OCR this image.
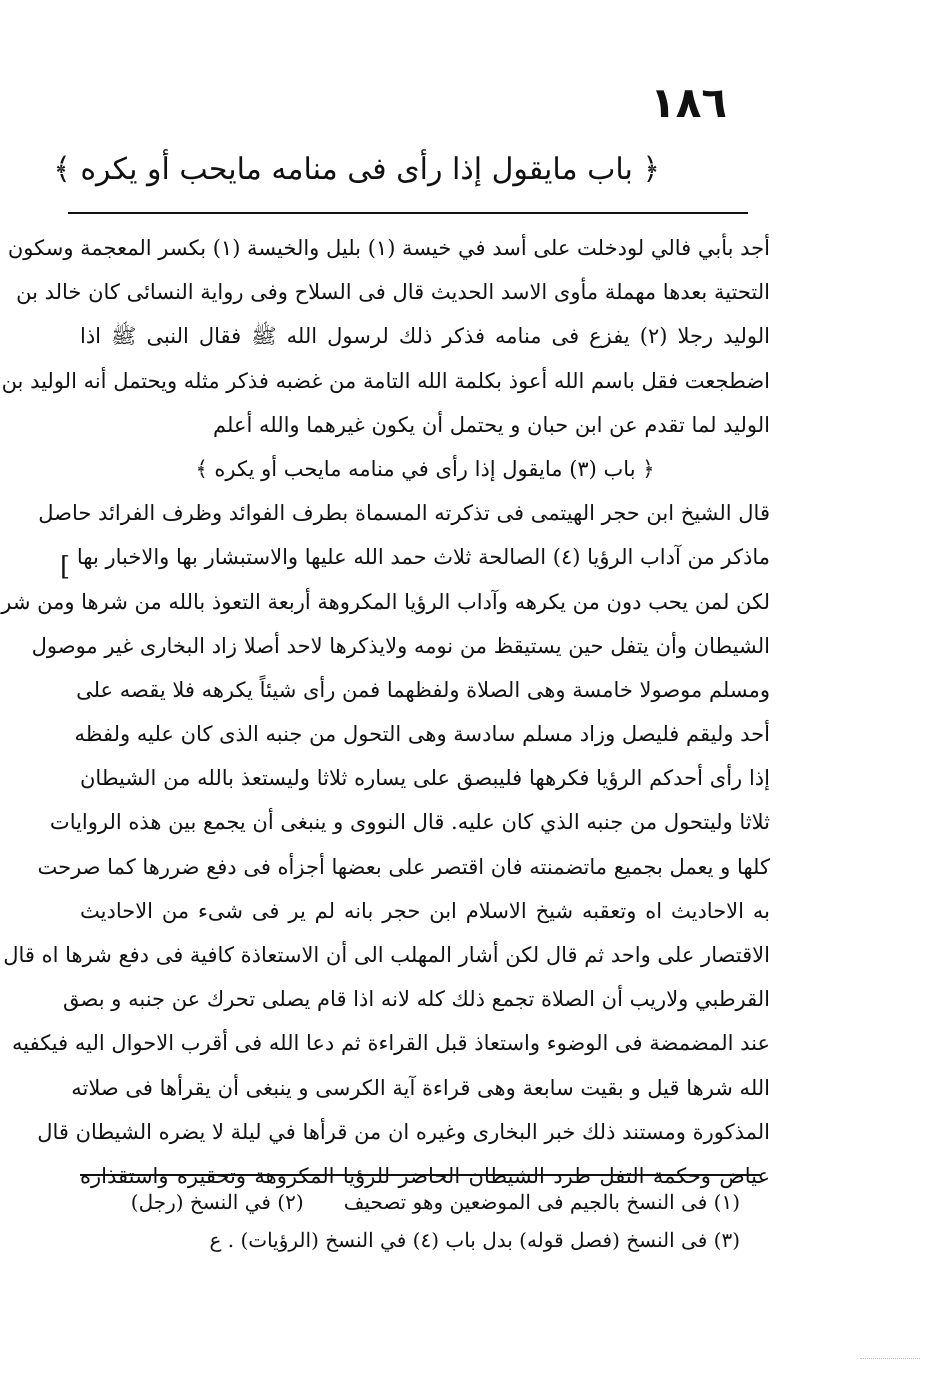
١٨٦
﴿ باب مايقول إذا رأى فى منامه مايحب أو يكره ﴾
[
أجد بأبي فالي لودخلت على أسد في خيسة (١) بليل والخيسة (١) بكسر المعجمة وسكون
التحتية بعدها مهملة مأوى الاسد الحديث قال فى السلاح وفى رواية النسائى كان خالد بن
الوليد رجلا (٢) يفزع فى منامه فذكر ذلك لرسول الله ﷺ فقال النبى ﷺ اذا
اضطجعت فقل باسم الله أعوذ بكلمة الله التامة من غضبه فذكر مثله ويحتمل أنه الوليد بن
الوليد لما تقدم عن ابن حبان و يحتمل أن يكون غيرهما والله أعلم
﴿ باب (٣) مايقول إذا رأى في منامه مايحب أو يكره ﴾
قال الشيخ ابن حجر الهيتمى فى تذكرته المسماة بطرف الفوائد وظرف الفرائد حاصل
ماذكر من آداب الرؤيا (٤) الصالحة ثلاث حمد الله عليها والاستبشار بها والاخبار بها
لكن لمن يحب دون من يكرهه وآداب الرؤيا المكروهة أربعة التعوذ بالله من شرها ومن شر
الشيطان وأن يتفل حين يستيقظ من نومه ولايذكرها لاحد أصلا زاد البخارى غير موصول
ومسلم موصولا خامسة وهى الصلاة ولفظهما فمن رأى شيئاً يكرهه فلا يقصه على
أحد وليقم فليصل وزاد مسلم سادسة وهى التحول من جنبه الذى كان عليه ولفظه
إذا رأى أحدكم الرؤيا فكرهها فليبصق على يساره ثلاثا وليستعذ بالله من الشيطان
ثلاثا وليتحول من جنبه الذي كان عليه. قال النووى و ينبغى أن يجمع بين هذه الروايات
كلها و يعمل بجميع ماتضمنته فان اقتصر على بعضها أجزأه فى دفع ضررها كما صرحت
به الاحاديث اه وتعقبه شيخ الاسلام ابن حجر بانه لم ير فى شىء من الاحاديث
الاقتصار على واحد ثم قال لكن أشار المهلب الى أن الاستعاذة كافية فى دفع شرها اه قال
القرطبي ولاريب أن الصلاة تجمع ذلك كله لانه اذا قام يصلى تحرك عن جنبه و بصق
عند المضمضة فى الوضوء واستعاذ قبل القراءة ثم دعا الله فى أقرب الاحوال اليه فيكفيه
الله شرها قيل و بقيت سابعة وهى قراءة آية الكرسى و ينبغى أن يقرأها فى صلاته
المذكورة ومستند ذلك خبر البخارى وغيره ان من قرأها في ليلة لا يضره الشيطان قال
عياض وحكمة التفل طرد الشيطان الحاضر للرؤيا المكروهة وتحقيره واستقذاره
(١) فى النسخ بالجيم فى الموضعين وهو تصحيف(٢) في النسخ (رجل)
(٣) فى النسخ (فصل قوله) بدل باب (٤) في النسخ (الرؤيات) . ع
